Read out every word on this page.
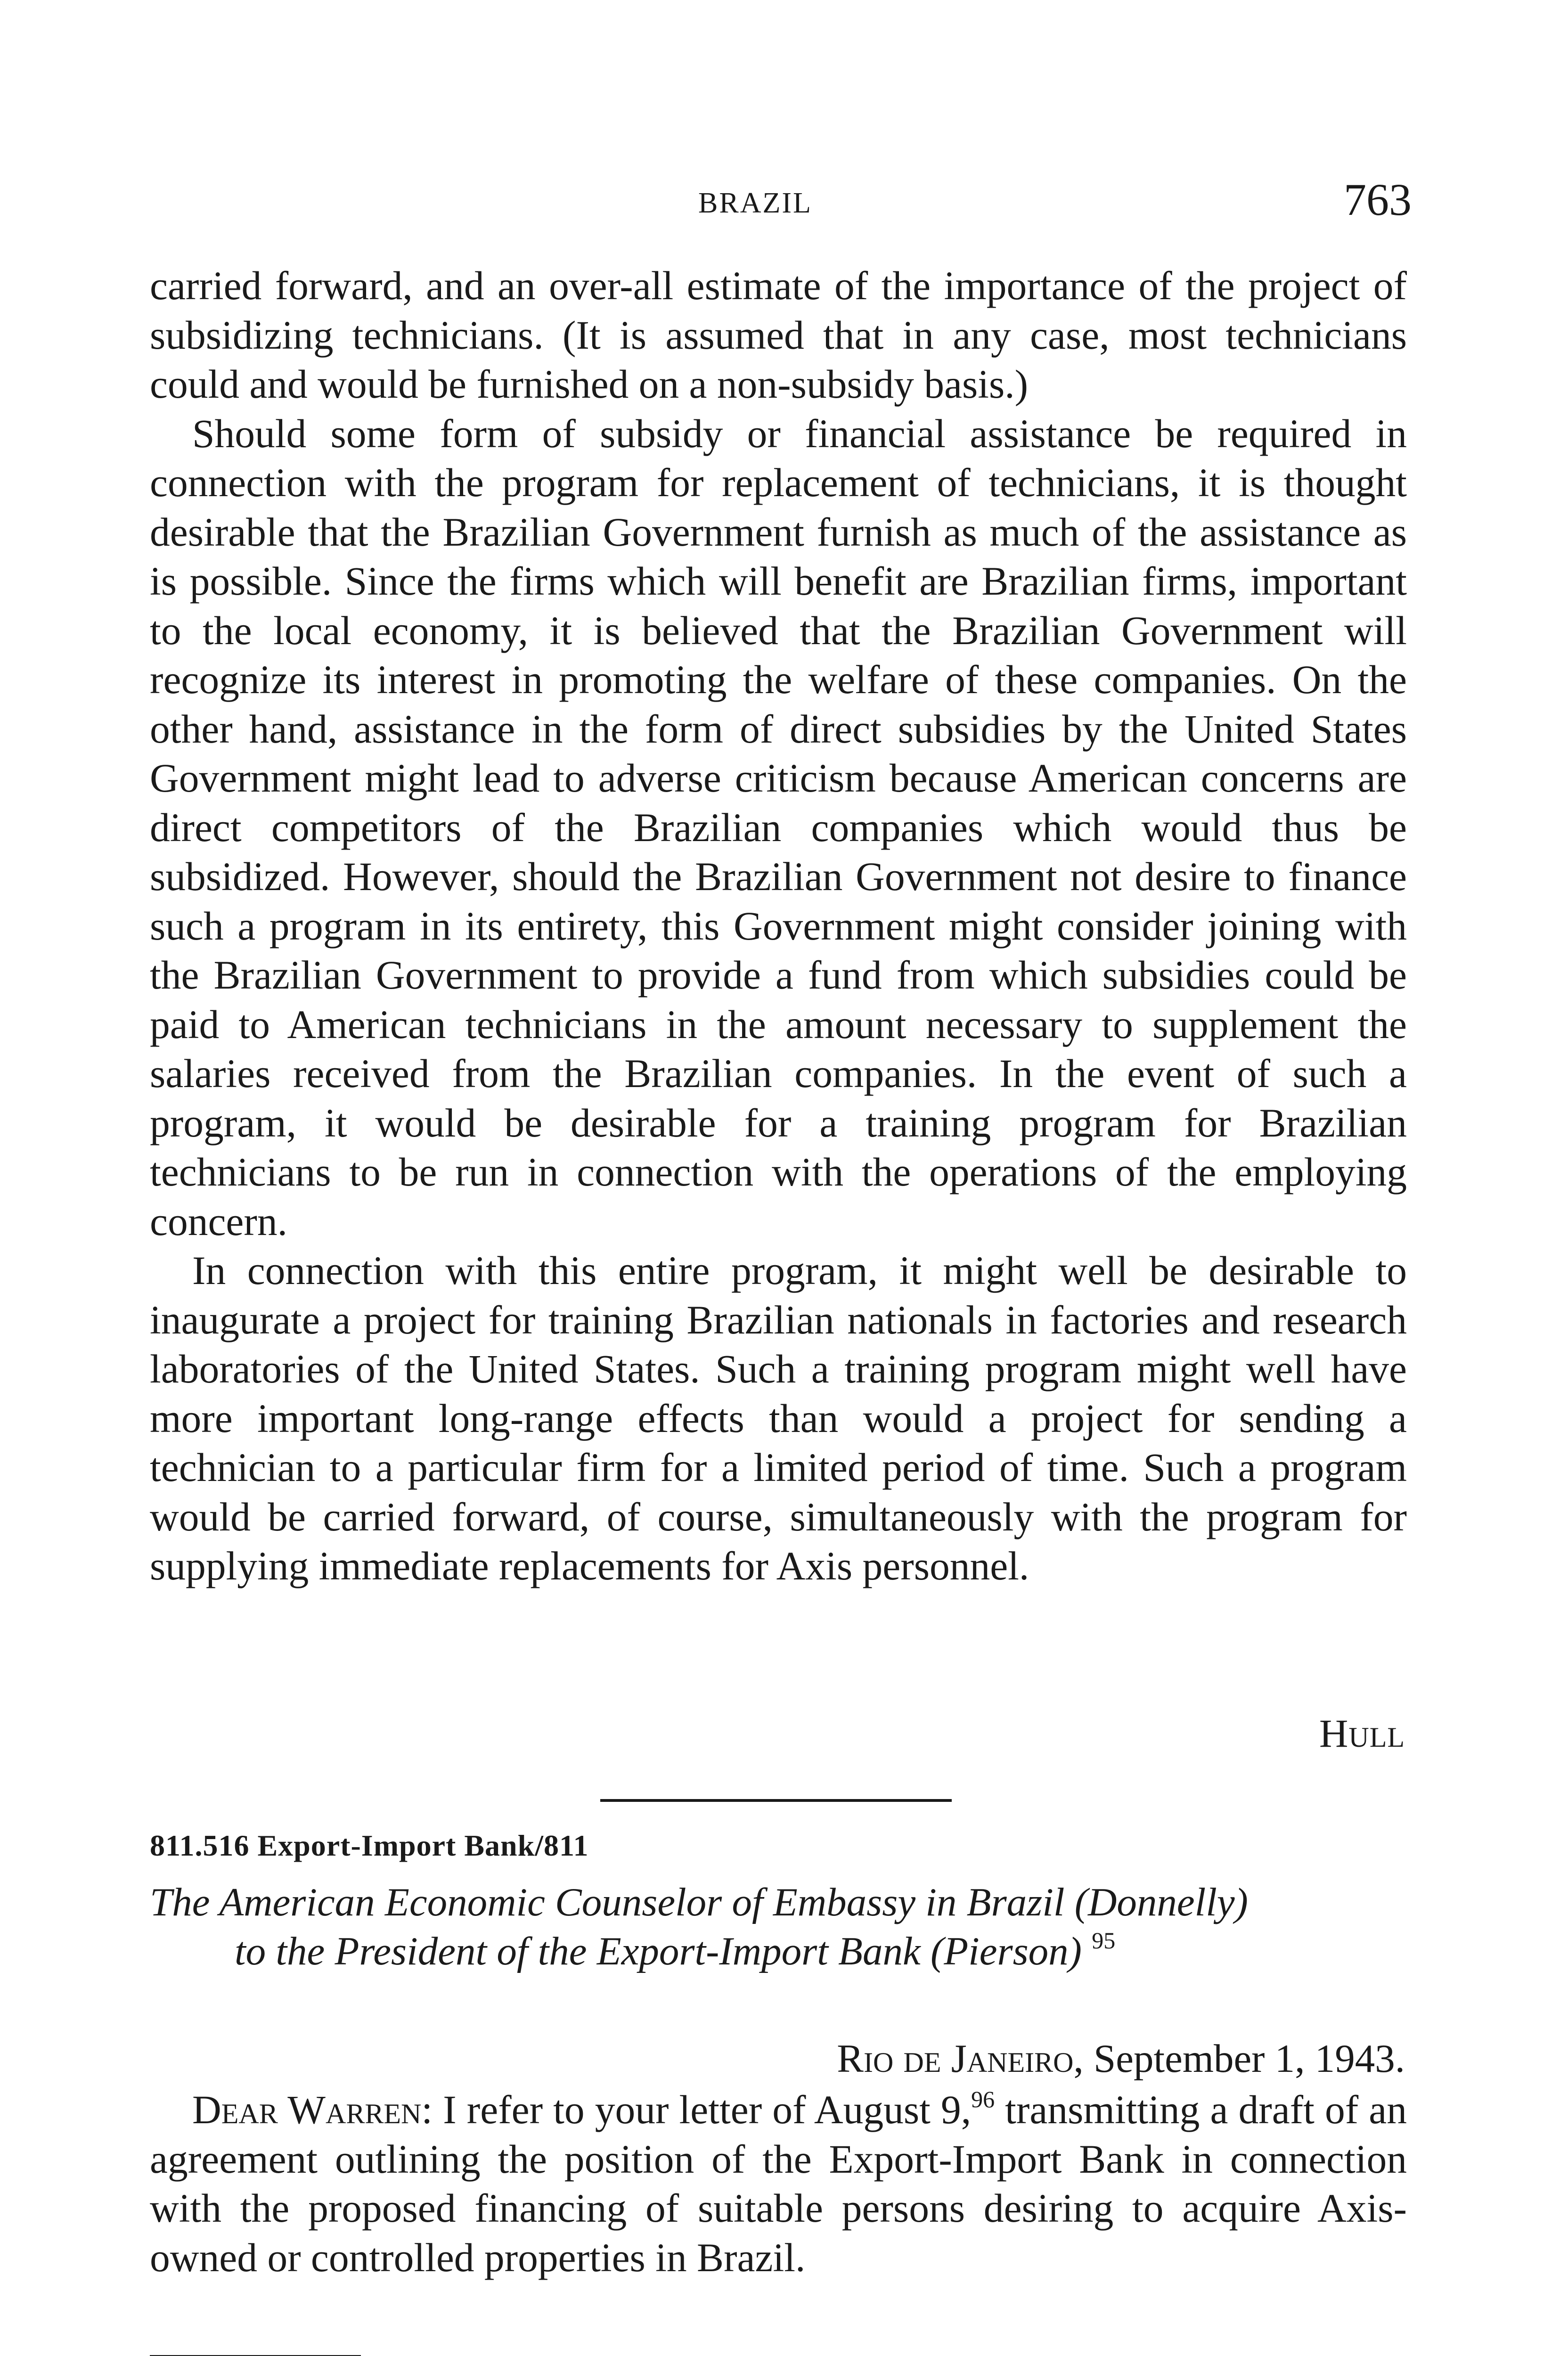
BRAZIL	763

carried forward, and an over-all estimate of the importance of the project of subsidizing technicians. (It is assumed that in any case, most technicians could and would be furnished on a non-subsidy basis.)

Should some form of subsidy or financial assistance be required in connection with the program for replacement of technicians, it is thought desirable that the Brazilian Government furnish as much of the assistance as is possible. Since the firms which will benefit are Brazilian firms, important to the local economy, it is believed that the Brazilian Government will recognize its interest in promoting the welfare of these companies. On the other hand, assistance in the form of direct subsidies by the United States Government might lead to adverse criticism because American concerns are direct competitors of the Brazilian companies which would thus be subsidized. However, should the Brazilian Government not desire to finance such a program in its entirety, this Government might consider joining with the Brazilian Government to provide a fund from which subsidies could be paid to American technicians in the amount necessary to supplement the salaries received from the Brazilian companies. In the event of such a program, it would be desirable for a training program for Brazilian technicians to be run in connection with the operations of the employing concern.

In connection with this entire program, it might well be desirable to inaugurate a project for training Brazilian nationals in factories and research laboratories of the United States. Such a training program might well have more important long-range effects than would a project for sending a technician to a particular firm for a limited period of time. Such a program would be carried forward, of course, simultaneously with the program for supplying immediate replacements for Axis personnel.

Hull
811.516 Export-Import Bank/811
The American Economic Counselor of Embassy in Brazil (Donnelly)
to the President of the Export-Import Bank (Pierson) $^{95}$
Rio de Janeiro, September 1, 1943.

Dear Warren: I refer to your letter of August 9,96 transmitting a draft of an agreement outlining the position of the Export-Import Bank in connection with the proposed financing of suitable persons desiring to acquire Axis-owned or controlled properties in Brazil.
